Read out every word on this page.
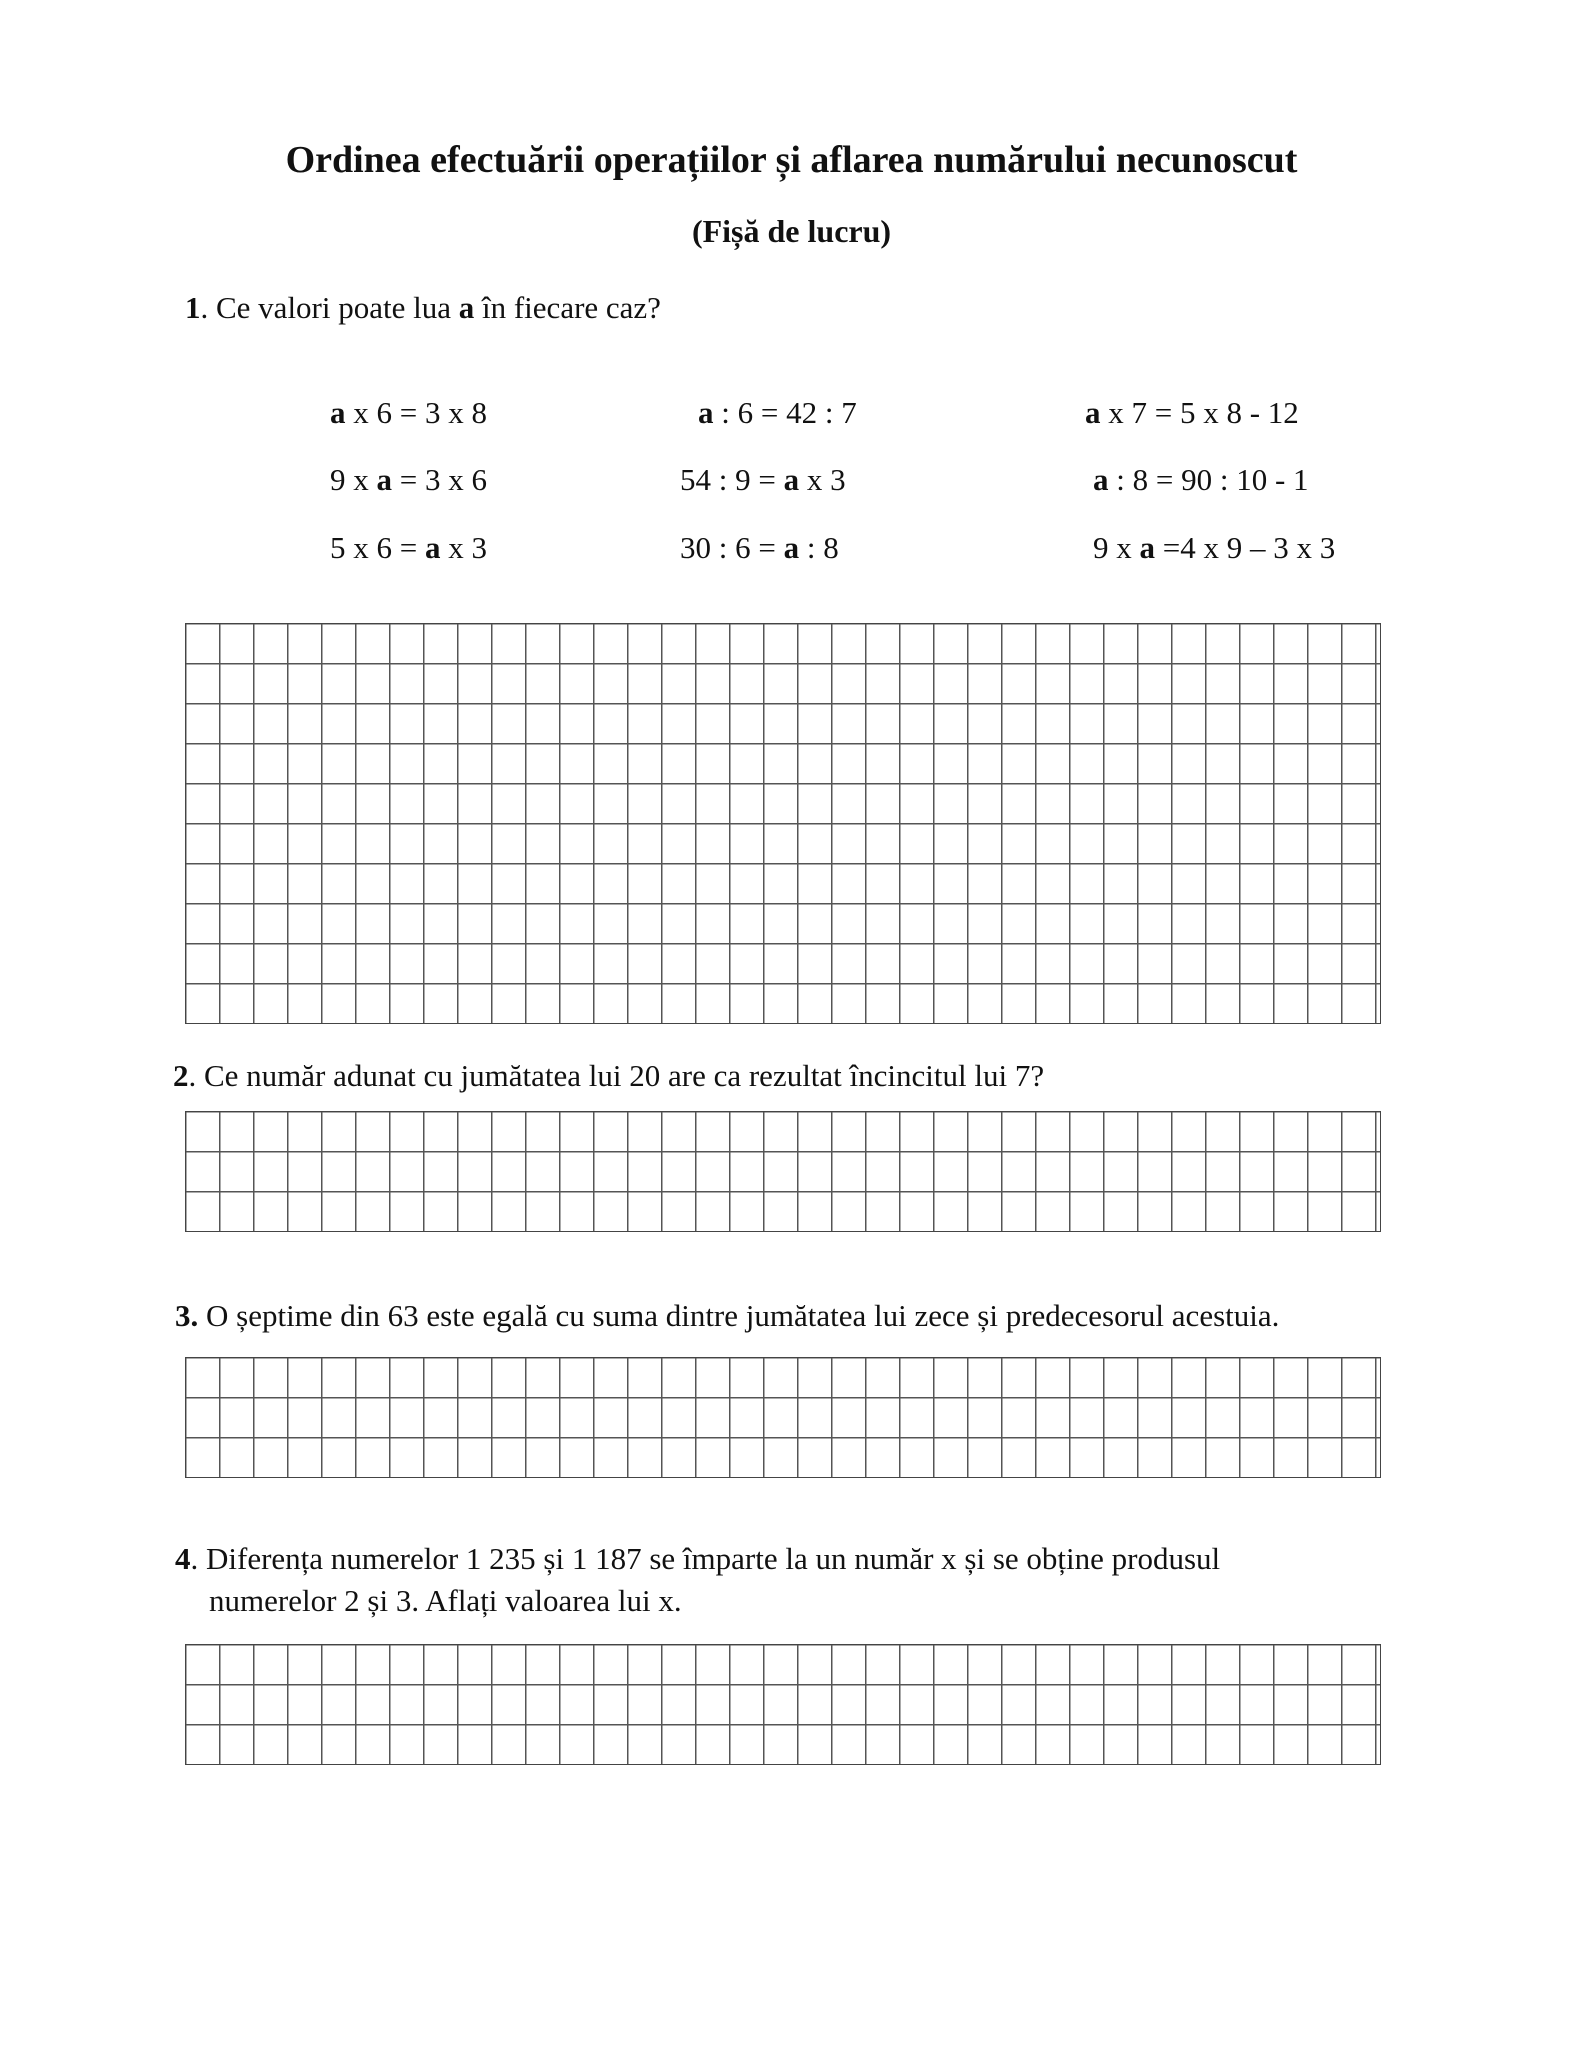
Ordinea efectuării operațiilor și aflarea numărului necunoscut
(Fișă de lucru)
1. Ce valori poate lua a în fiecare caz?
a x 6 = 3 x 8	a : 6 = 42 : 7	a x 7 = 5 x 8 - 12
9 x a = 3 x 6	54 : 9 = a x 3	a : 8 = 90 : 10 - 1
5 x 6 = a x 3	30 : 6 = a : 8	9 x a =4 x 9 – 3 x 3
2. Ce număr adunat cu jumătatea lui 20 are ca rezultat încincitul lui 7?
3. O șeptime din 63 este egală cu suma dintre jumătatea lui zece și predecesorul acestuia.
4. Diferența numerelor 1 235 și 1 187 se împarte la un număr x și se obține produsul
numerelor 2 și 3. Aflați valoarea lui x.
